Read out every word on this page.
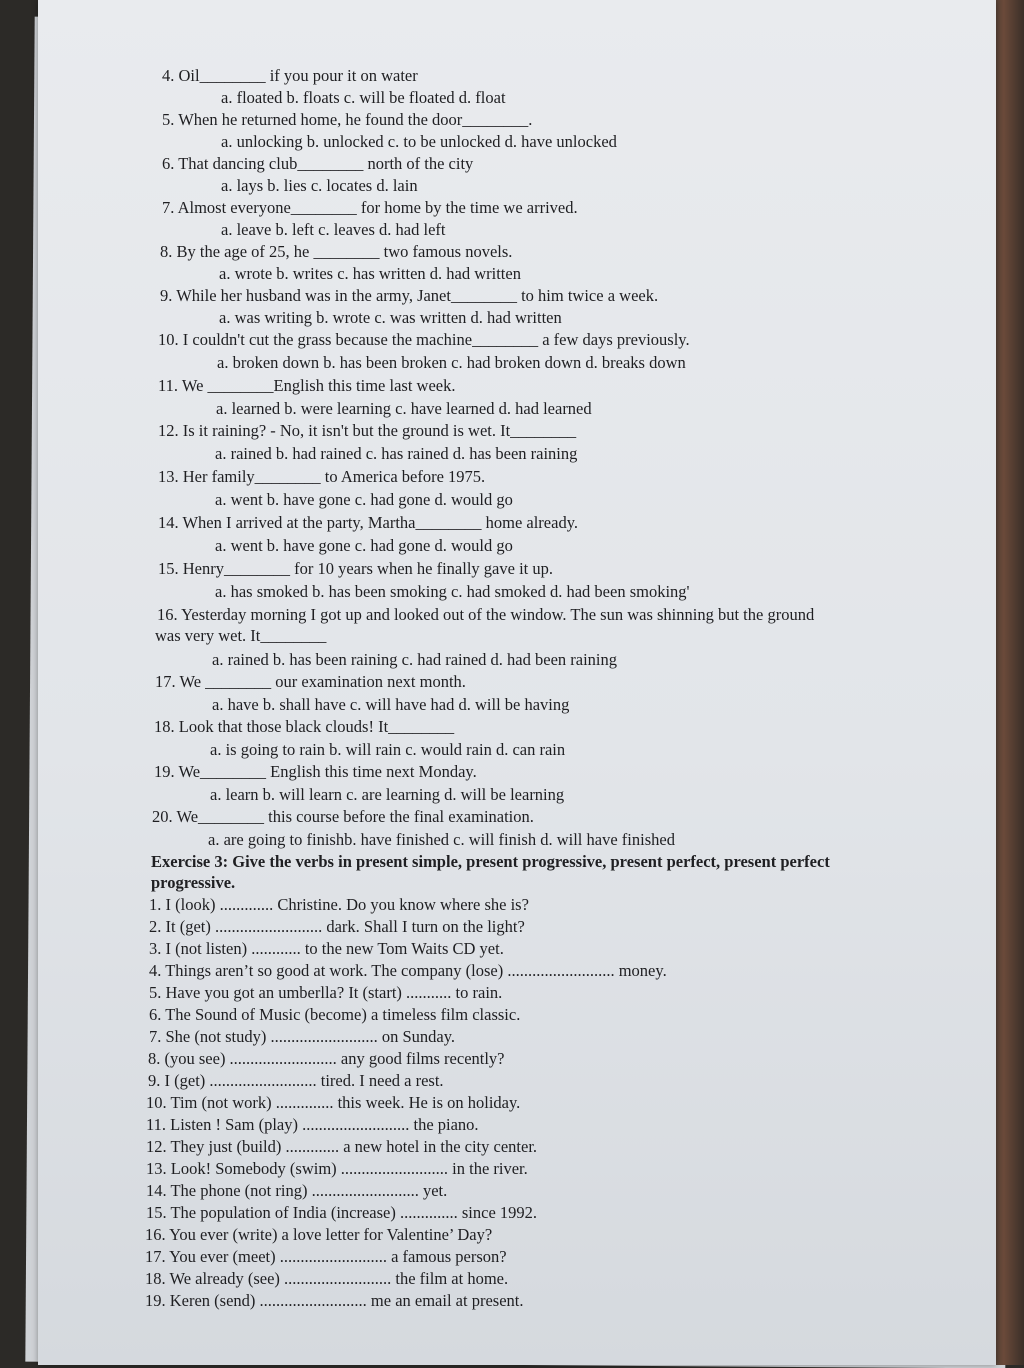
4. Oil________ if you pour it on water
a. floated b. floats c. will be floated d. float
5. When he returned home, he found the door________.
a. unlocking b. unlocked c. to be unlocked d. have unlocked
6. That dancing club________ north of the city
a. lays b. lies c. locates d. lain
7. Almost everyone________ for home by the time we arrived.
a. leave b. left c. leaves d. had left
8. By the age of 25, he ________ two famous novels.
a. wrote b. writes c. has written d. had written
9. While her husband was in the army, Janet________ to him twice a week.
a. was writing b. wrote c. was written d. had written
10. I couldn't cut the grass because the machine________ a few days previously.
a. broken down b. has been broken c. had broken down d. breaks down
11. We ________English this time last week.
a. learned b. were learning c. have learned d. had learned
12. Is it raining? - No, it isn't but the ground is wet. It________
a. rained b. had rained c. has rained d. has been raining
13. Her family________ to America before 1975.
a. went b. have gone c. had gone d. would go
14. When I arrived at the party, Martha________ home already.
a. went b. have gone c. had gone d. would go
15. Henry________ for 10 years when he finally gave it up.
a. has smoked b. has been smoking c. had smoked d. had been smoking'
16. Yesterday morning I got up and looked out of the window. The sun was shinning but the ground
was very wet. It________
a. rained b. has been raining c. had rained d. had been raining
17. We ________ our examination next month.
a. have b. shall have c. will have had d. will be having
18. Look that those black clouds! It________
a. is going to rain b. will rain c. would rain d. can rain
19. We________ English this time next Monday.
a. learn b. will learn c. are learning d. will be learning
20. We________ this course before the final examination.
a. are going to finishb. have finished c. will finish d. will have finished
Exercise 3: Give the verbs in present simple, present progressive, present perfect, present perfect
progressive.
1. I (look) ............. Christine. Do you know where she is?
2. It (get) .......................... dark. Shall I turn on the light?
3. I (not listen) ............ to the new Tom Waits CD yet.
4. Things aren’t so good at work. The company (lose) .......................... money.
5. Have you got an umberlla? It (start) ........... to rain.
6. The Sound of Music (become) a timeless film classic.
7. She (not study) .......................... on Sunday.
8. (you see) .......................... any good films recently?
9. I (get) .......................... tired. I need a rest.
10. Tim (not work) .............. this week. He is on holiday.
11. Listen ! Sam (play) .......................... the piano.
12. They just (build) ............. a new hotel in the city center.
13. Look! Somebody (swim) .......................... in the river.
14. The phone (not ring) .......................... yet.
15. The population of India (increase) .............. since 1992.
16. You ever (write) a love letter for Valentine’ Day?
17. You ever (meet) .......................... a famous person?
18. We already (see) .......................... the film at home.
19. Keren (send) .......................... me an email at present.
